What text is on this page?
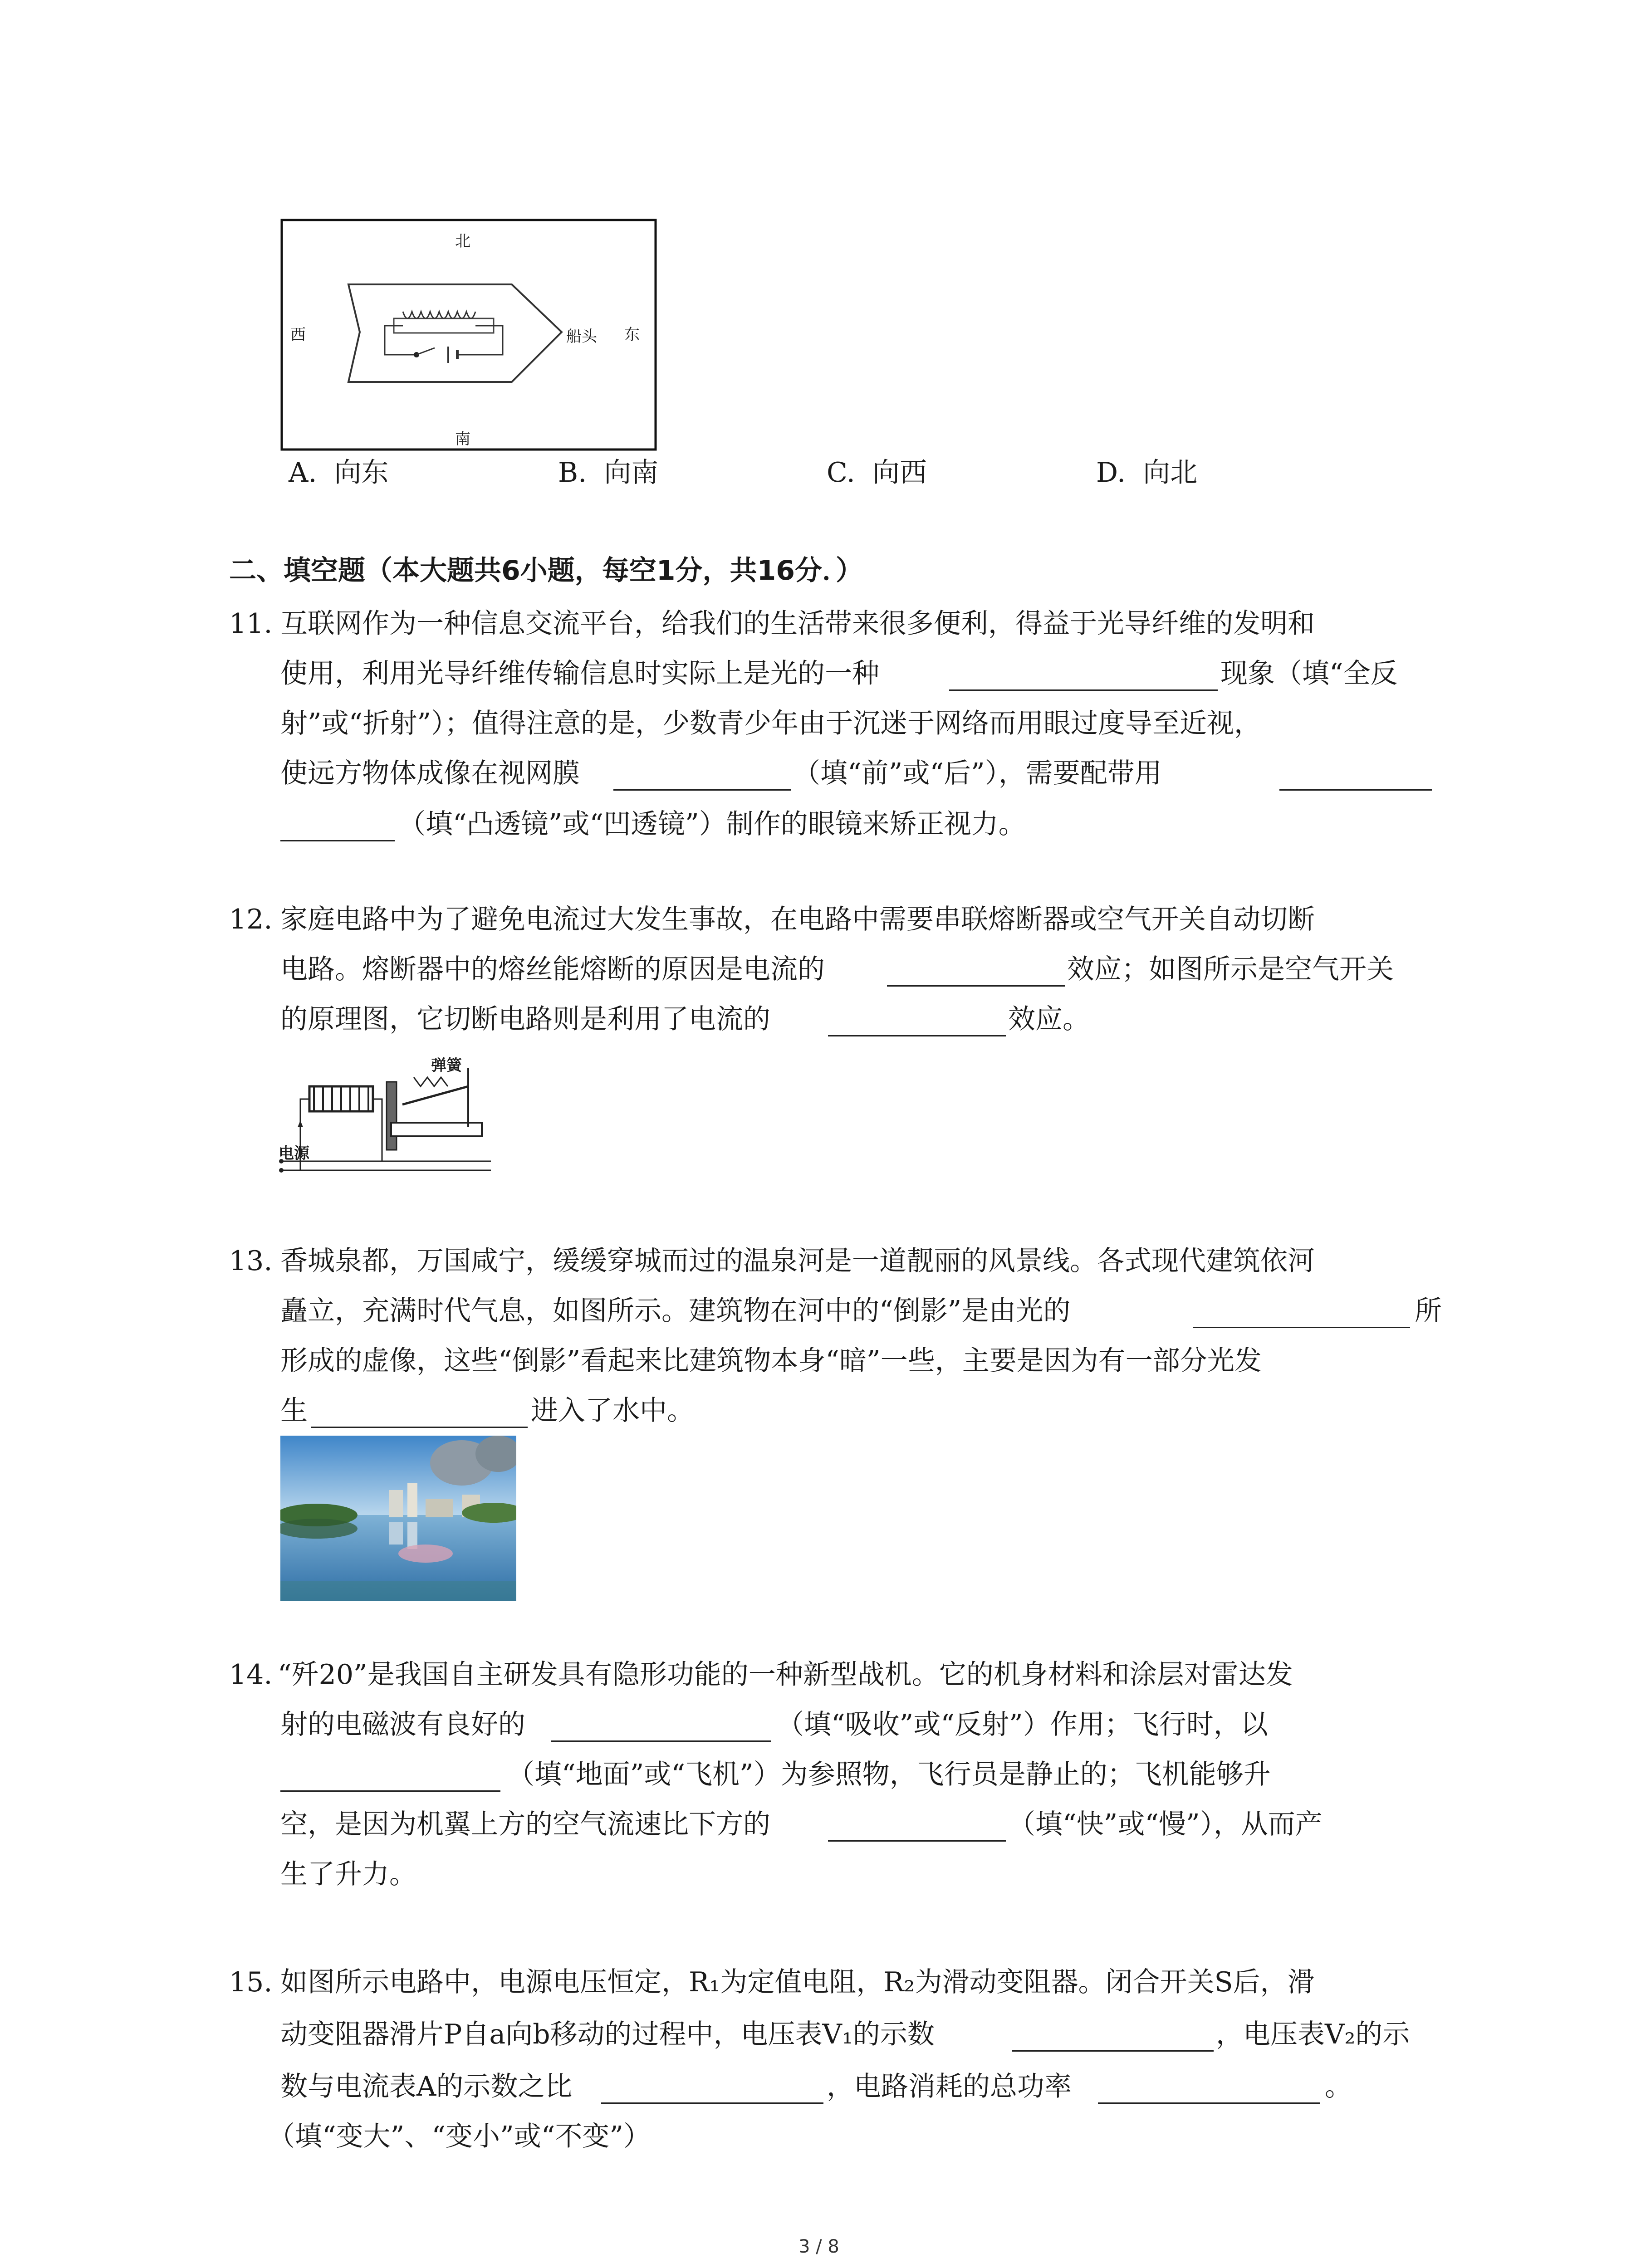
北
南
西	东
船头
A. 向东	B. 向南	C. 向西	D. 向北
二、填空题（本大题共6小题，每空1分，共16分．）
11. 互联网作为一种信息交流平台，给我们的生活带来很多便利，得益于光导纤维的发明和
使用，利用光导纤维传输信息时实际上是光的一种	现象（填“全反
射”或“折射”）；值得注意的是，少数青少年由于沉迷于网络而用眼过度导至近视，
使远方物体成像在视网膜	（填“前”或“后”），需要配带用
（填“凸透镜”或“凹透镜”）制作的眼镜来矫正视力。
12. 家庭电路中为了避免电流过大发生事故，在电路中需要串联熔断器或空气开关自动切断
电路。熔断器中的熔丝能熔断的原因是电流的	效应；如图所示是空气开关
的原理图，它切断电路则是利用了电流的	效应。
弹簧
电源
13. 香城泉都，万国咸宁，缓缓穿城而过的温泉河是一道靓丽的风景线。各式现代建筑依河
矗立，充满时代气息，如图所示。建筑物在河中的“倒影”是由光的	所
形成的虚像，这些“倒影”看起来比建筑物本身“暗”一些，主要是因为有一部分光发
生	进入了水中。
14. “歼20”是我国自主研发具有隐形功能的一种新型战机。它的机身材料和涂层对雷达发
射的电磁波有良好的	（填“吸收”或“反射”）作用；飞行时，以
（填“地面”或“飞机”）为参照物，飞行员是静止的；飞机能够升
空，是因为机翼上方的空气流速比下方的	（填“快”或“慢”），从而产
生了升力。
15. 如图所示电路中，电源电压恒定，R₁为定值电阻，R₂为滑动变阻器。闭合开关S后，滑
动变阻器滑片P自a向b移动的过程中，电压表V₁的示数	，电压表V₂的示
数与电流表A的示数之比	，电路消耗的总功率	。
（填“变大”、“变小”或“不变”）
3 / 8
